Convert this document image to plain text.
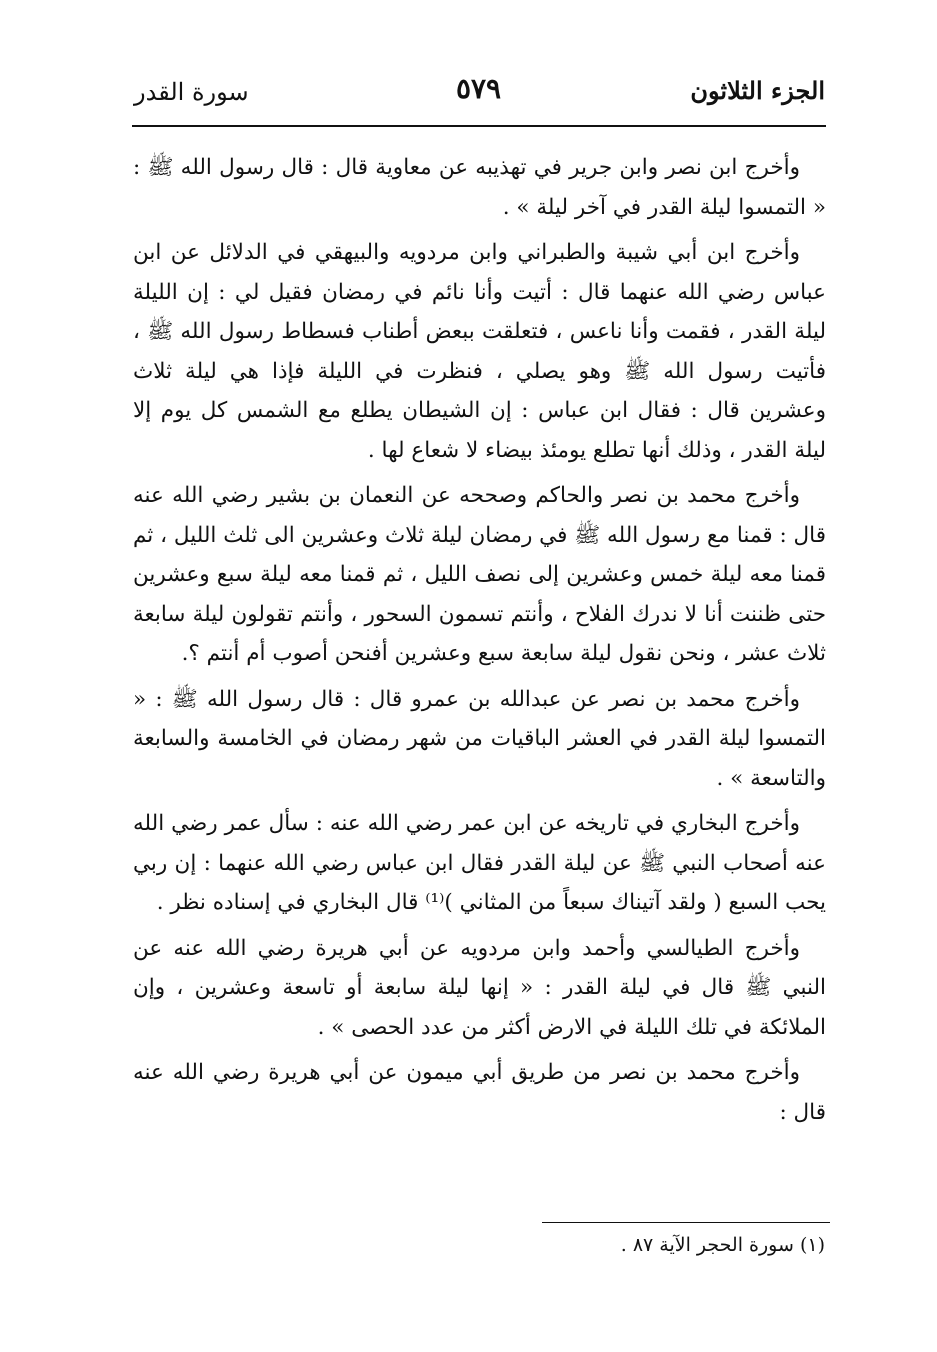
الجزء الثلاثون
٥٧٩
سورة القدر

وأخرج ابن نصر وابن جرير في تهذيبه عن معاوية قال : قال رسول الله ﷺ : « التمسوا ليلة القدر في آخر ليلة » .

وأخرج ابن أبي شيبة والطبراني وابن مردويه والبيهقي في الدلائل عن ابن عباس رضي الله عنهما قال : أتيت وأنا نائم في رمضان فقيل لي : إن الليلة ليلة القدر ، فقمت وأنا ناعس ، فتعلقت ببعض أطناب فسطاط رسول الله ﷺ ، فأتيت رسول الله ﷺ وهو يصلي ، فنظرت في الليلة فإذا هي ليلة ثلاث وعشرين قال : فقال ابن عباس : إن الشيطان يطلع مع الشمس كل يوم إلا ليلة القدر ، وذلك أنها تطلع يومئذ بيضاء لا شعاع لها .

وأخرج محمد بن نصر والحاكم وصححه عن النعمان بن بشير رضي الله عنه قال : قمنا مع رسول الله ﷺ في رمضان ليلة ثلاث وعشرين الى ثلث الليل ، ثم قمنا معه ليلة خمس وعشرين إلى نصف الليل ، ثم قمنا معه ليلة سبع وعشرين حتى ظننت أنا لا ندرك الفلاح ، وأنتم تسمون السحور ، وأنتم تقولون ليلة سابعة ثلاث عشر ، ونحن نقول ليلة سابعة سبع وعشرين أفنحن أصوب أم أنتم ؟.

وأخرج محمد بن نصر عن عبدالله بن عمرو قال : قال رسول الله ﷺ : « التمسوا ليلة القدر في العشر الباقيات من شهر رمضان في الخامسة والسابعة والتاسعة » .

وأخرج البخاري في تاريخه عن ابن عمر رضي الله عنه : سأل عمر رضي الله عنه أصحاب النبي ﷺ عن ليلة القدر فقال ابن عباس رضي الله عنهما : إن ربي يحب السبع ( ولقد آتيناك سبعاً من المثاني )⁽¹⁾ قال البخاري في إسناده نظر .

وأخرج الطيالسي وأحمد وابن مردويه عن أبي هريرة رضي الله عنه عن النبي ﷺ قال في ليلة القدر : « إنها ليلة سابعة أو تاسعة وعشرين ، وإن الملائكة في تلك الليلة في الارض أكثر من عدد الحصى » .

وأخرج محمد بن نصر من طريق أبي ميمون عن أبي هريرة رضي الله عنه قال :

(١) سورة الحجر الآية ٨٧ .
